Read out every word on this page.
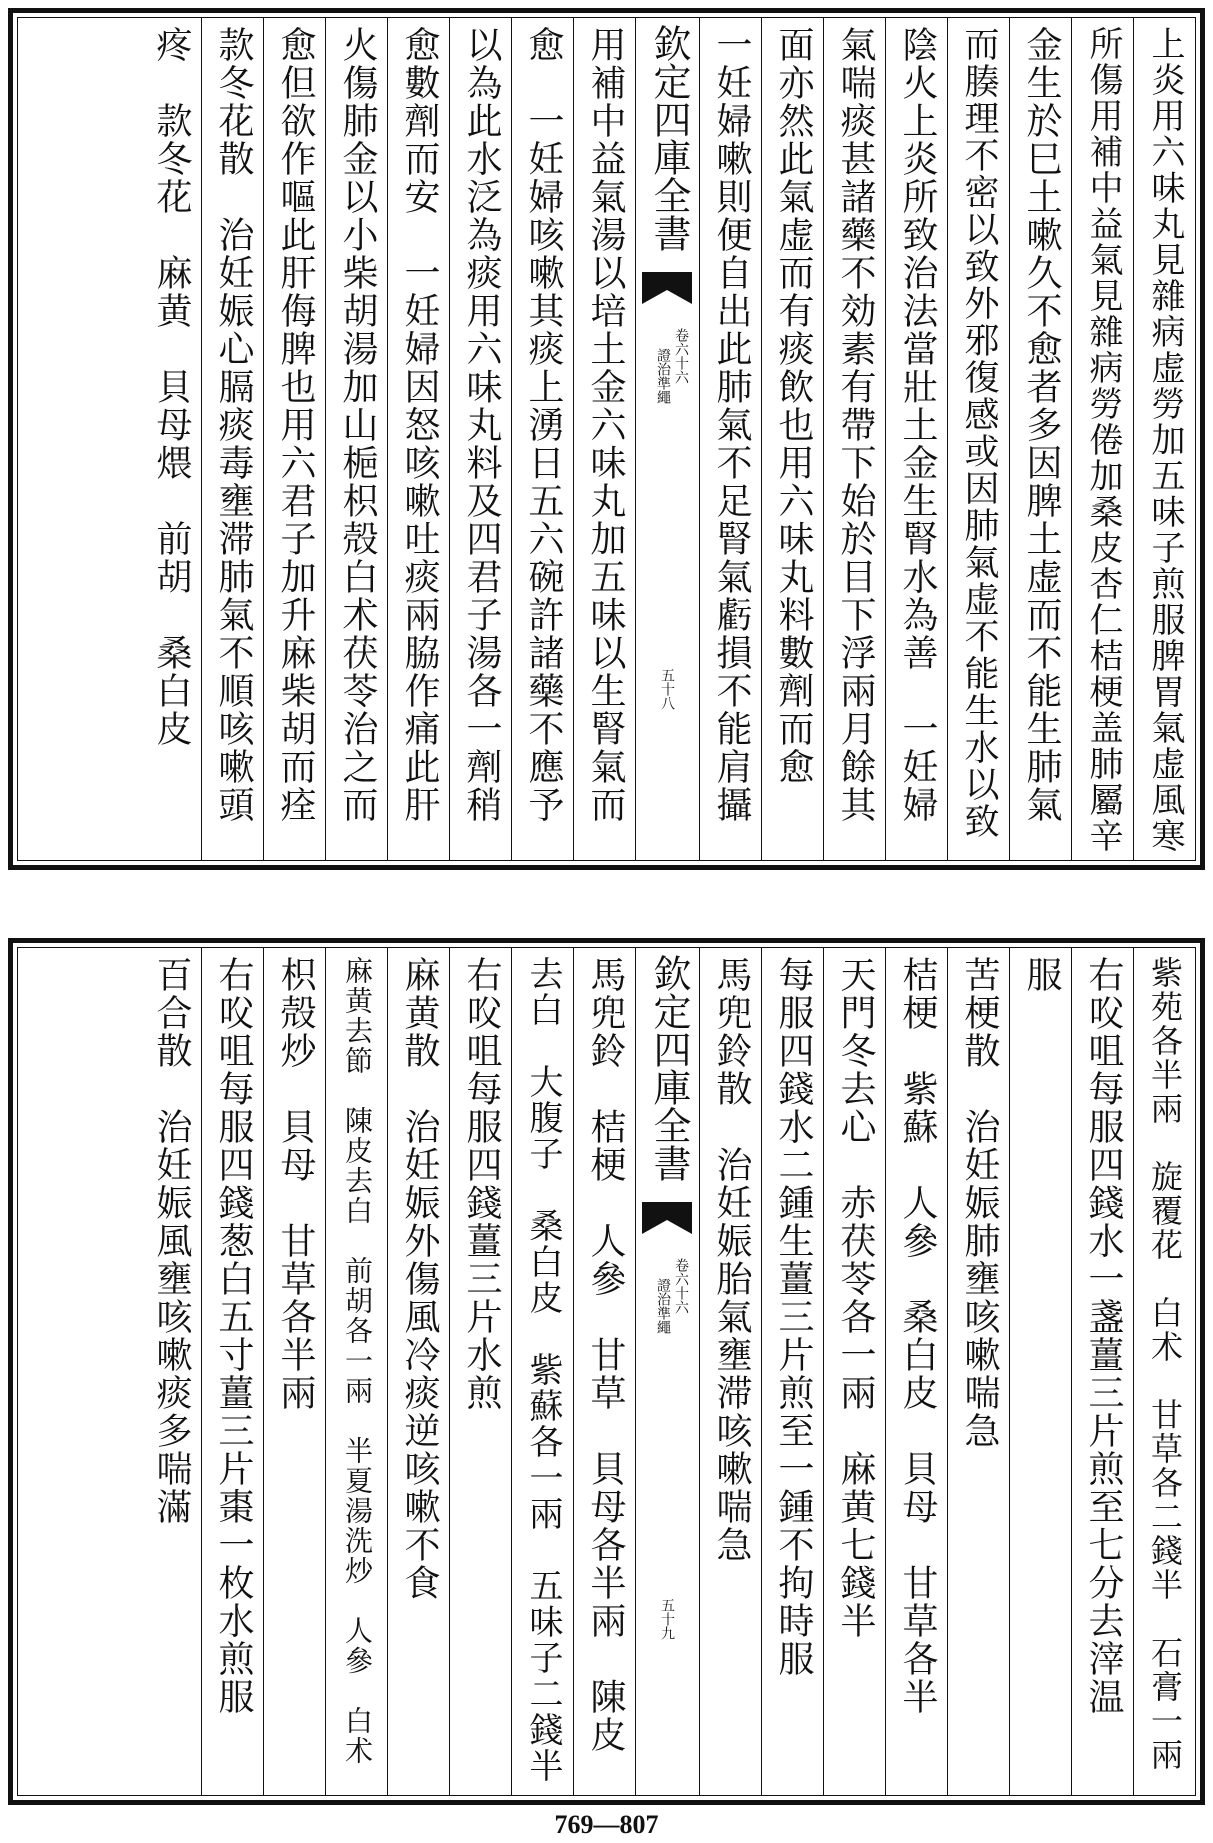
上炎用六味丸見雜病虚勞加五味子煎服脾胃氣虚風寒
所傷用補中益氣見雜病勞倦加桑皮杏仁桔梗盖肺屬辛
金生於巳土嗽久不愈者多因脾土虚而不能生肺氣
而腠理不密以致外邪復感或因肺氣虚不能生水以致
陰火上炎所致治法當壯土金生腎水為善　一妊婦
氣喘痰甚諸藥不効素有帶下始於目下浮兩月餘其
面亦然此氣虚而有痰飲也用六味丸料數劑而愈
一妊婦嗽則便自出此肺氣不足腎氣虧損不能肩攝
欽定四庫全書
證治準繩 卷六十六
五十八
用補中益氣湯以培土金六味丸加五味以生腎氣而
愈　一妊婦咳嗽其痰上湧日五六碗許諸藥不應予
以為此水泛為痰用六味丸料及四君子湯各一劑稍
愈數劑而安　一妊婦因怒咳嗽吐痰兩脇作痛此肝
火傷肺金以小柴胡湯加山梔枳殻白术茯苓治之而
愈但欲作嘔此肝侮脾也用六君子加升麻柴胡而痊
款冬花散　治妊娠心膈痰毒壅滞肺氣不順咳嗽頭
疼　款冬花　麻黄　貝母煨　前胡　桑白皮
紫苑各半兩　旋覆花　白术　甘草各二錢半　石膏一兩
右㕮咀每服四錢水一盞薑三片煎至七分去滓温
服
苦梗散　治妊娠肺壅咳嗽喘急
桔梗　紫蘇　人參　桑白皮　貝母　甘草各半
天門冬去心　赤茯苓各一兩　麻黄七錢半
每服四錢水二鍾生薑三片煎至一鍾不拘時服
馬兜鈴散　治妊娠胎氣壅滞咳嗽喘急
欽定四庫全書
證治準繩 卷六十六
五十九
馬兜鈴　桔梗　人參　甘草　貝母各半兩　陳皮
去白　大腹子　桑白皮　紫蘇各一兩　五味子二錢半
右㕮咀每服四錢薑三片水煎
麻黄散　治妊娠外傷風冷痰逆咳嗽不食
麻黄去節　陳皮去白　前胡各一兩　半夏湯洗炒　人參　白术
枳殻炒　貝母　甘草各半兩
右㕮咀每服四錢葱白五寸薑三片棗一枚水煎服
百合散　治妊娠風壅咳嗽痰多喘滿
769—807
